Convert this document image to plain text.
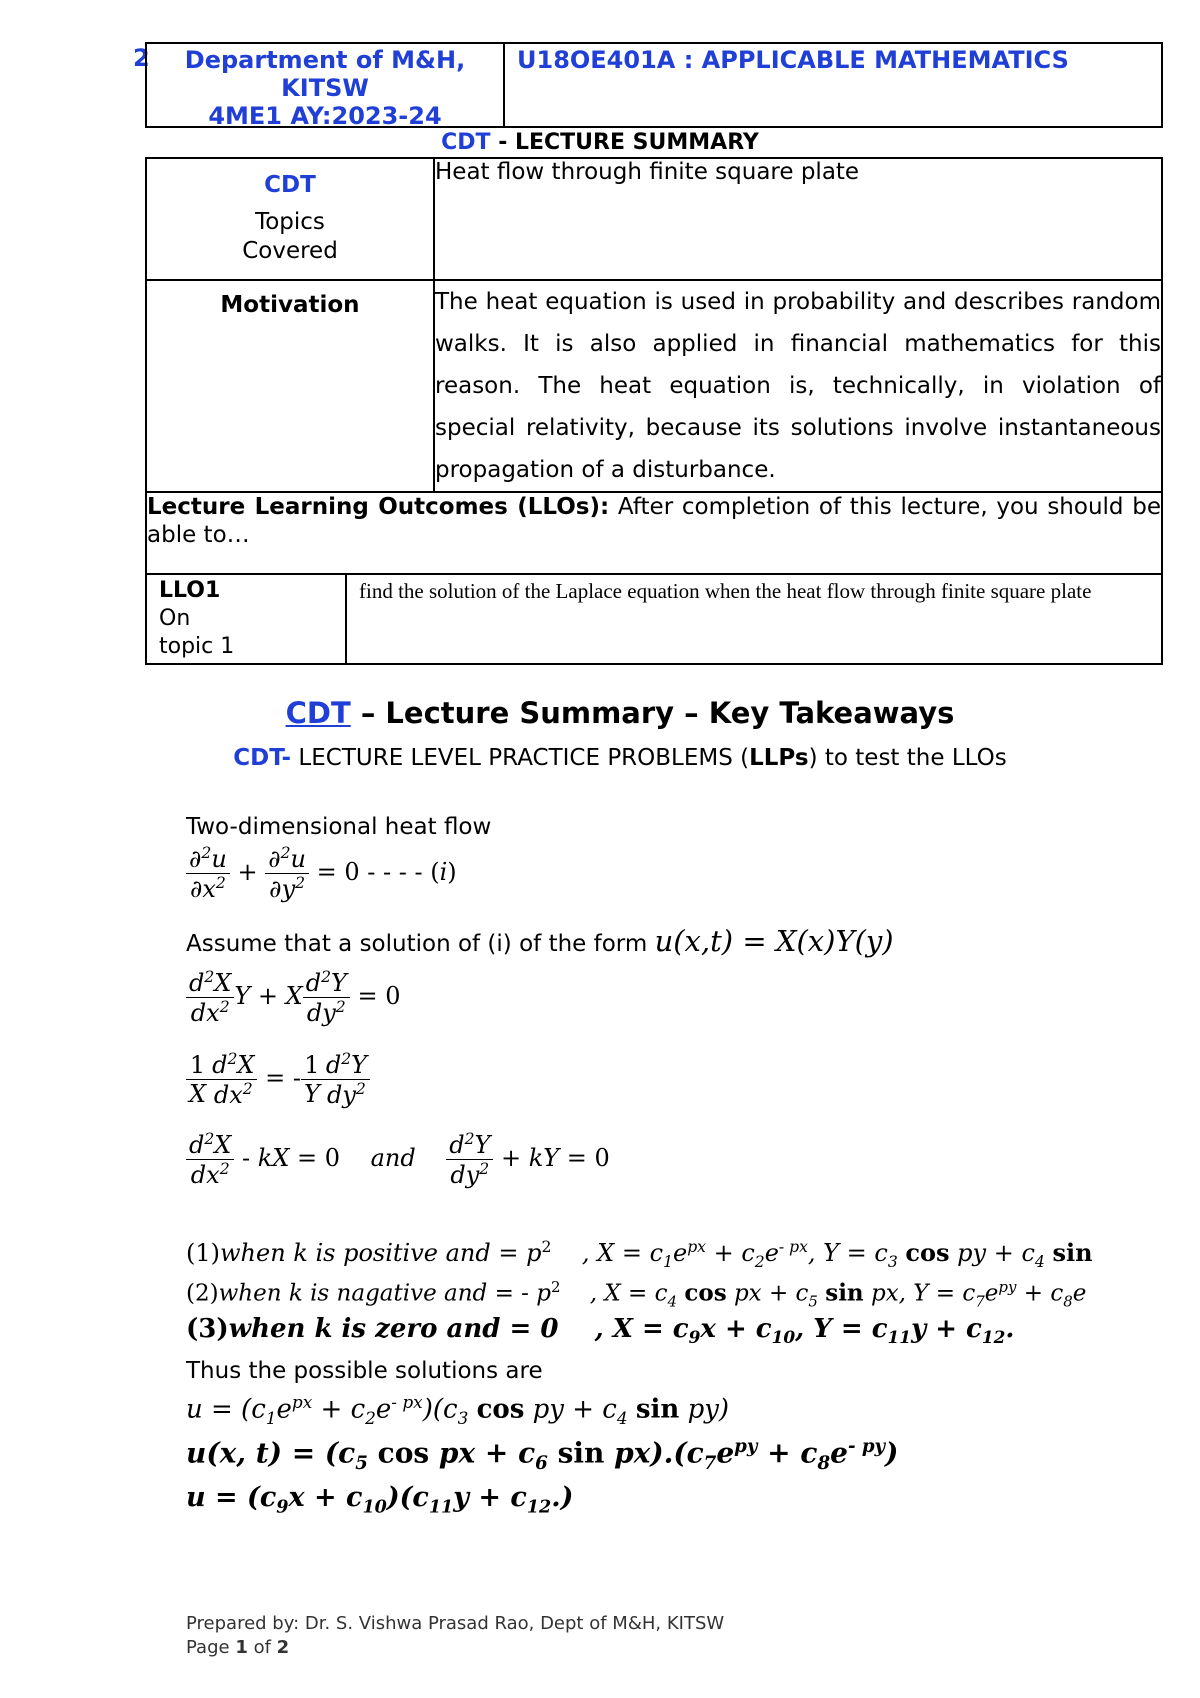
2	Department of M&H,
KITSW
4ME1 AY:2023-24
U18OE401A : APPLICABLE MATHEMATICS
CDT - LECTURE SUMMARY
CDT
Topics
Covered		Heat flow through finite square plate
Motivation		The heat equation is used in probability and describes random walks. It is also applied in financial mathematics for this reason. The heat equation is, technically, in violation of special relativity, because its solutions involve instantaneous propagation of a disturbance.
Lecture Learning Outcomes (LLOs): After completion of this lecture, you should be able to…		

LLO1
On
topic 1	find the solution of the Laplace equation when the heat flow through finite square plate	
CDT – Lecture Summary – Key Takeaways
CDT- LECTURE LEVEL PRACTICE PROBLEMS (LLPs) to test the LLOs
Two-dimensional heat flow
$\frac{\partial^2u}{\partial x^2} + \frac{\partial^2u}{\partial y^2} = 0$ - - - - (i)
Assume that a solution of (i) of the form u(x,t) = X(x)Y(y)
$\frac{d^2X}{dx^2}$ Y + X $\frac{d^2Y}{dy^2} = 0$
$\frac{1}{X} \frac{d^2X}{dx^2}$ = - $\frac{1}{Y} \frac{d^2Y}{dy^2}$
$\frac{d^2X}{dx^2}$ - kX = 0 and $\frac{d^2Y}{dy^2}$ + kY = 0
(1)when k is positive and = $p^2$    , $X = c_1e^{px} + c_2e^{- px}$, $Y = c_3$ cos py + $c_4$ sin
(2)when k is nagative and = - $p^2$    , $X = c_4$ cos px + $c_5$ sin px, $Y = c_7e^{py} + c_8e$
(3)when k is zero and = 0    , $X = c_9x + c_{10}$, $Y = c_{11}y + c_{12}$.
Thus the possible solutions are
$u = (c_1e^{px} + c_2e^{- px})(c_3$ cos py + $c_4$ sin py)
u(x, $t) = (c_5$ cos px + $c_6$ $\sin px).(c_7e^{py} + c_8e^{- py})$
$u = (c_9x + c_{10})(c_{11}y + c_{12}.)$
Prepared by: Dr. S. Vishwa Prasad Rao, Dept of M&H, KITSW
Page 1 of 2
